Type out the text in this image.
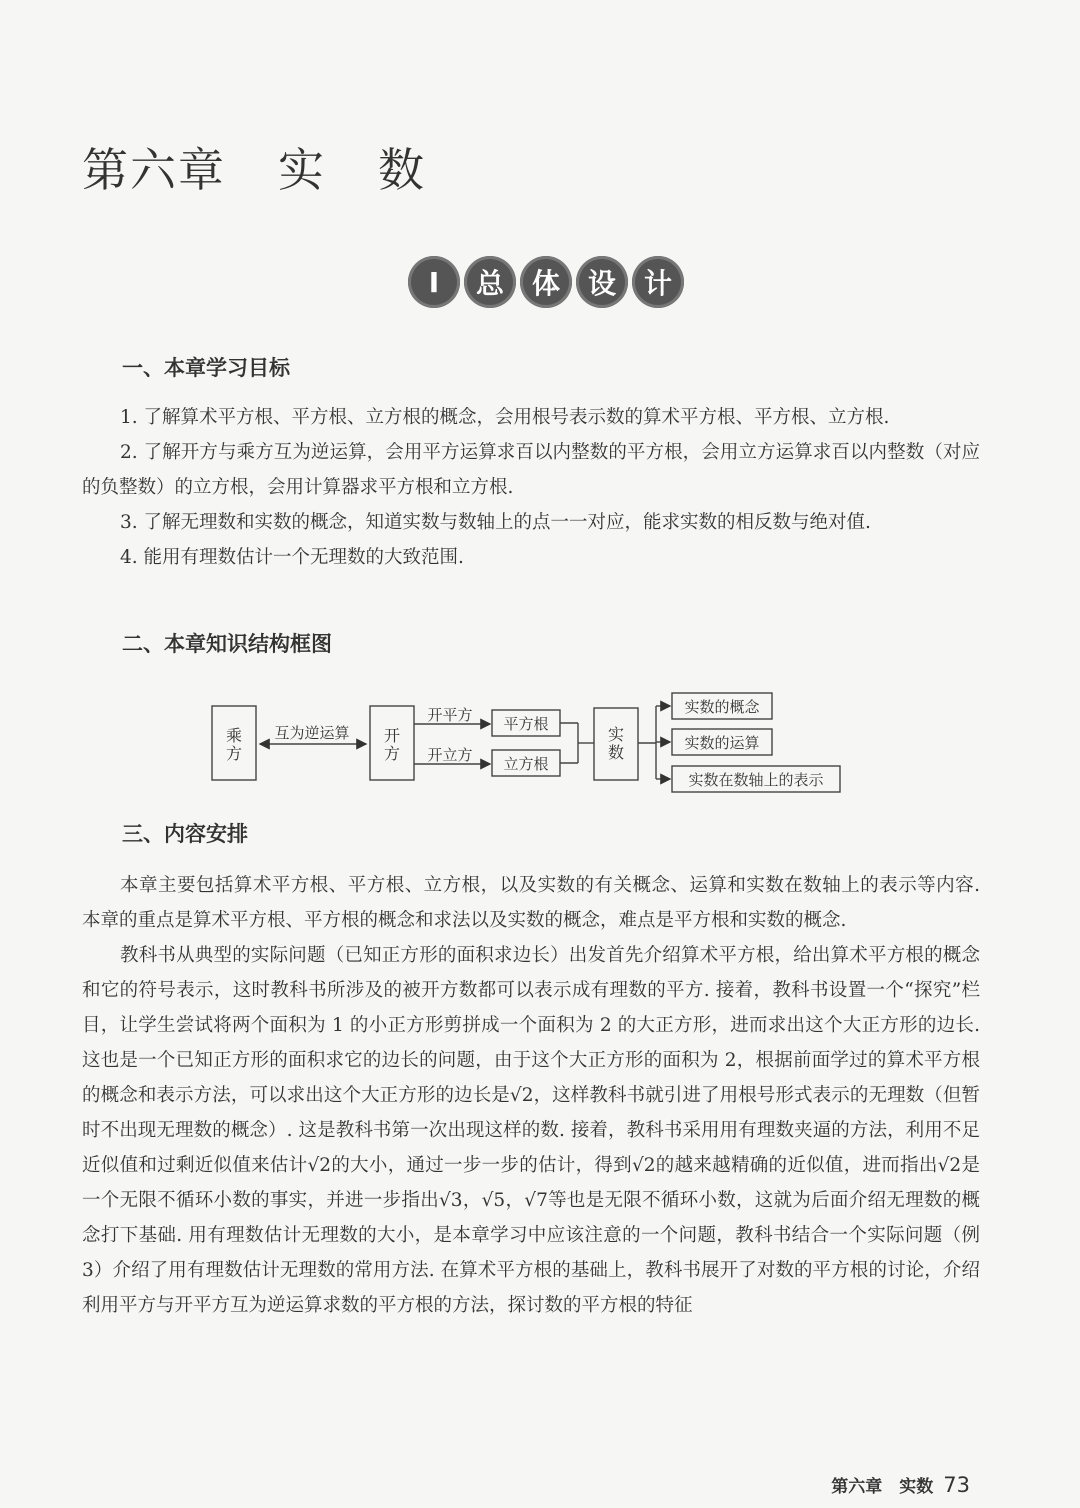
第六章 实 数
Ⅰ	总 体 设 计
一、本章学习目标

1. 了解算术平方根、平方根、立方根的概念，会用根号表示数的算术平方根、平方根、立方根.

2. 了解开方与乘方互为逆运算，会用平方运算求百以内整数的平方根，会用立方运算求百以内整数（对应的负整数）的立方根，会用计算器求平方根和立方根.

3. 了解无理数和实数的概念，知道实数与数轴上的点一一对应，能求实数的相反数与绝对值.

4. 能用有理数估计一个无理数的大致范围.

二、本章知识结构框图
乘
方
互为逆运算 开
方
开平方
开立方
平方根
立方根
实
数
实数的概念
实数的运算
实数在数轴上的表示
三、内容安排

本章主要包括算术平方根、平方根、立方根，以及实数的有关概念、运算和实数在数轴上的表示等内容. 本章的重点是算术平方根、平方根的概念和求法以及实数的概念，难点是平方根和实数的概念.

教科书从典型的实际问题（已知正方形的面积求边长）出发首先介绍算术平方根，给出算术平方根的概念和它的符号表示，这时教科书所涉及的被开方数都可以表示成有理数的平方. 接着，教科书设置一个“探究”栏目，让学生尝试将两个面积为 1 的小正方形剪拼成一个面积为 2 的大正方形，进而求出这个大正方形的边长. 这也是一个已知正方形的面积求它的边长的问题，由于这个大正方形的面积为 2，根据前面学过的算术平方根的概念和表示方法，可以求出这个大正方形的边长是√2，这样教科书就引进了用根号形式表示的无理数（但暂时不出现无理数的概念）. 这是教科书第一次出现这样的数. 接着，教科书采用用有理数夹逼的方法，利用不足近似值和过剩近似值来估计√2的大小，通过一步一步的估计，得到√2的越来越精确的近似值，进而指出√2是一个无限不循环小数的事实，并进一步指出√3，√5，√7等也是无限不循环小数，这就为后面介绍无理数的概念打下基础. 用有理数估计无理数的大小，是本章学习中应该注意的一个问题，教科书结合一个实际问题（例 3）介绍了用有理数估计无理数的常用方法. 在算术平方根的基础上，教科书展开了对数的平方根的讨论，介绍利用平方与开平方互为逆运算求数的平方根的方法，探讨数的平方根的特征

第六章　实数 73
